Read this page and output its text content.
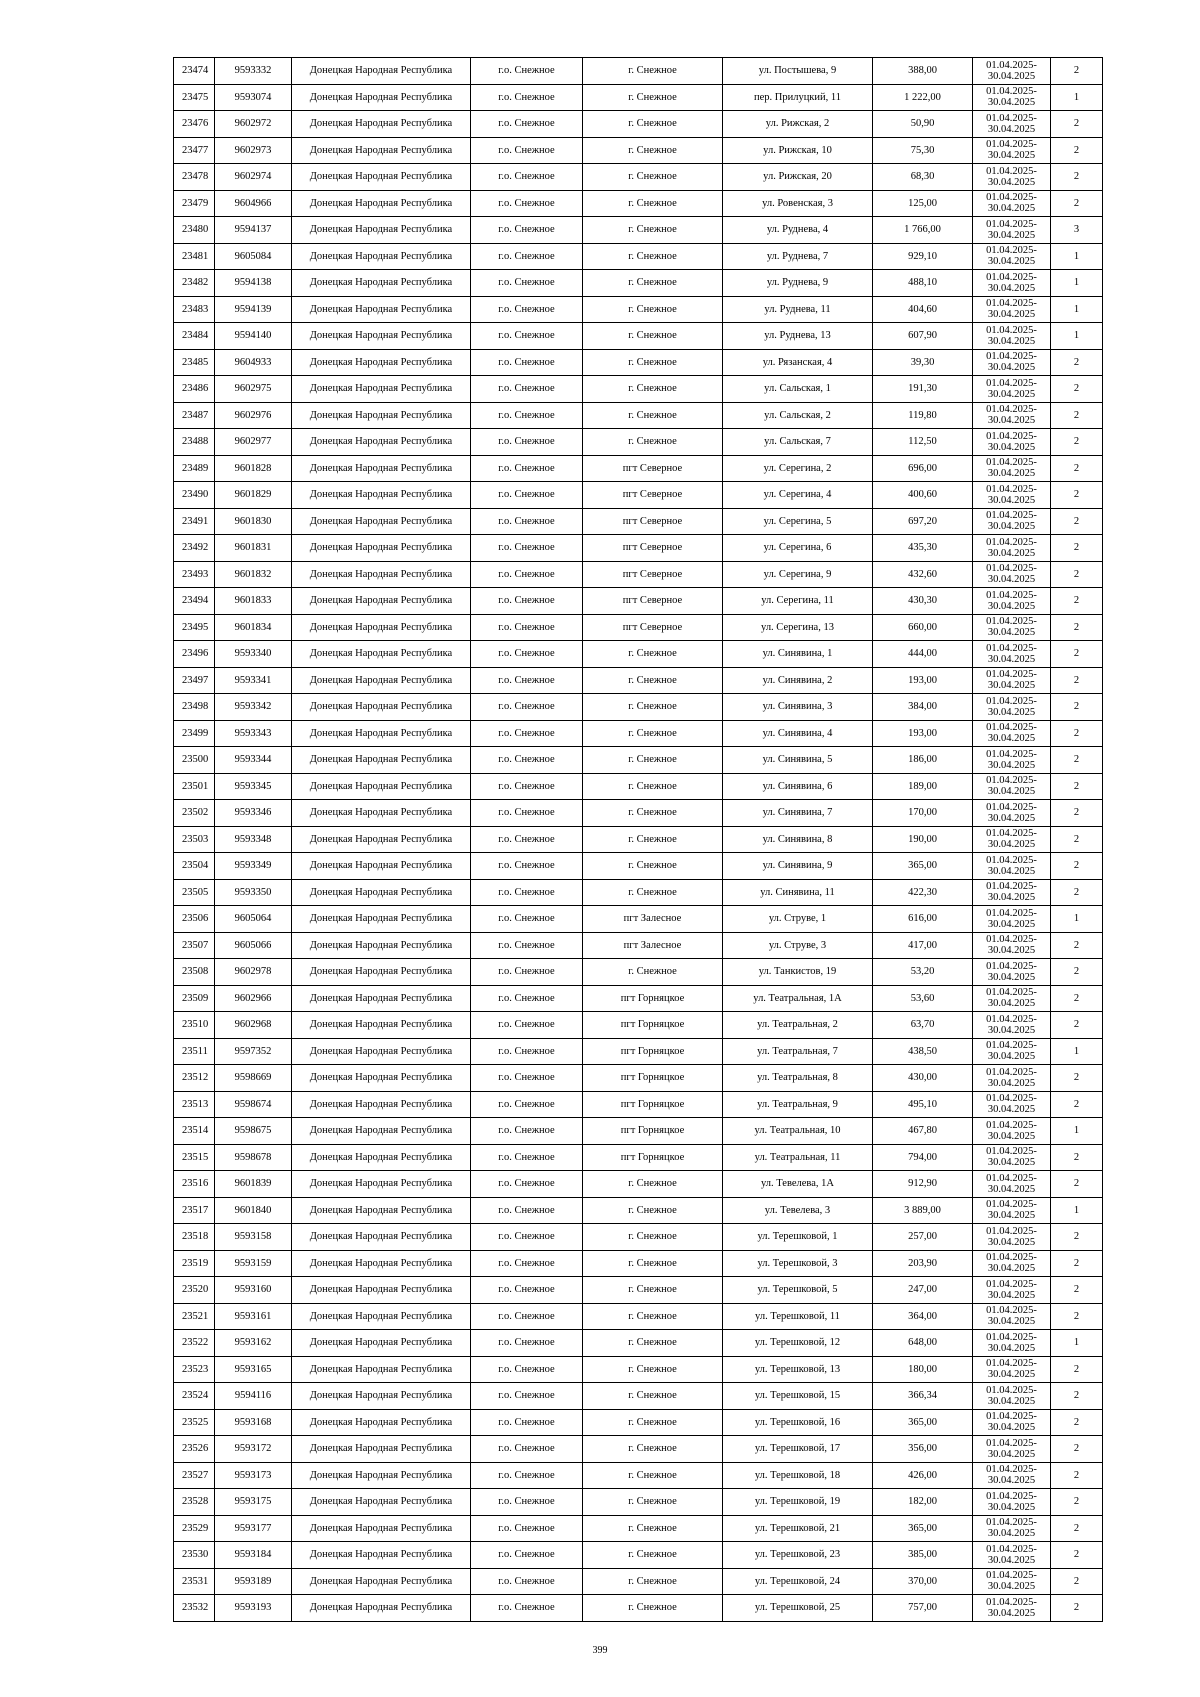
23474	9593332	Донецкая Народная Республика	г.о. Снежное	г. Снежное	ул. Постышева, 9	388,00	01.04.2025-30.04.2025	2
23475	9593074	Донецкая Народная Республика	г.о. Снежное	г. Снежное	пер. Прилуцкий, 11	1 222,00	01.04.2025-30.04.2025	1
23476	9602972	Донецкая Народная Республика	г.о. Снежное	г. Снежное	ул. Рижская, 2	50,90	01.04.2025-30.04.2025	2
23477	9602973	Донецкая Народная Республика	г.о. Снежное	г. Снежное	ул. Рижская, 10	75,30	01.04.2025-30.04.2025	2
23478	9602974	Донецкая Народная Республика	г.о. Снежное	г. Снежное	ул. Рижская, 20	68,30	01.04.2025-30.04.2025	2
23479	9604966	Донецкая Народная Республика	г.о. Снежное	г. Снежное	ул. Ровенская, 3	125,00	01.04.2025-30.04.2025	2
23480	9594137	Донецкая Народная Республика	г.о. Снежное	г. Снежное	ул. Руднева, 4	1 766,00	01.04.2025-30.04.2025	3
23481	9605084	Донецкая Народная Республика	г.о. Снежное	г. Снежное	ул. Руднева, 7	929,10	01.04.2025-30.04.2025	1
23482	9594138	Донецкая Народная Республика	г.о. Снежное	г. Снежное	ул. Руднева, 9	488,10	01.04.2025-30.04.2025	1
23483	9594139	Донецкая Народная Республика	г.о. Снежное	г. Снежное	ул. Руднева, 11	404,60	01.04.2025-30.04.2025	1
23484	9594140	Донецкая Народная Республика	г.о. Снежное	г. Снежное	ул. Руднева, 13	607,90	01.04.2025-30.04.2025	1
23485	9604933	Донецкая Народная Республика	г.о. Снежное	г. Снежное	ул. Рязанская, 4	39,30	01.04.2025-30.04.2025	2
23486	9602975	Донецкая Народная Республика	г.о. Снежное	г. Снежное	ул. Сальская, 1	191,30	01.04.2025-30.04.2025	2
23487	9602976	Донецкая Народная Республика	г.о. Снежное	г. Снежное	ул. Сальская, 2	119,80	01.04.2025-30.04.2025	2
23488	9602977	Донецкая Народная Республика	г.о. Снежное	г. Снежное	ул. Сальская, 7	112,50	01.04.2025-30.04.2025	2
23489	9601828	Донецкая Народная Республика	г.о. Снежное	пгт Северное	ул. Серегина, 2	696,00	01.04.2025-30.04.2025	2
23490	9601829	Донецкая Народная Республика	г.о. Снежное	пгт Северное	ул. Серегина, 4	400,60	01.04.2025-30.04.2025	2
23491	9601830	Донецкая Народная Республика	г.о. Снежное	пгт Северное	ул. Серегина, 5	697,20	01.04.2025-30.04.2025	2
23492	9601831	Донецкая Народная Республика	г.о. Снежное	пгт Северное	ул. Серегина, 6	435,30	01.04.2025-30.04.2025	2
23493	9601832	Донецкая Народная Республика	г.о. Снежное	пгт Северное	ул. Серегина, 9	432,60	01.04.2025-30.04.2025	2
23494	9601833	Донецкая Народная Республика	г.о. Снежное	пгт Северное	ул. Серегина, 11	430,30	01.04.2025-30.04.2025	2
23495	9601834	Донецкая Народная Республика	г.о. Снежное	пгт Северное	ул. Серегина, 13	660,00	01.04.2025-30.04.2025	2
23496	9593340	Донецкая Народная Республика	г.о. Снежное	г. Снежное	ул. Синявина, 1	444,00	01.04.2025-30.04.2025	2
23497	9593341	Донецкая Народная Республика	г.о. Снежное	г. Снежное	ул. Синявина, 2	193,00	01.04.2025-30.04.2025	2
23498	9593342	Донецкая Народная Республика	г.о. Снежное	г. Снежное	ул. Синявина, 3	384,00	01.04.2025-30.04.2025	2
23499	9593343	Донецкая Народная Республика	г.о. Снежное	г. Снежное	ул. Синявина, 4	193,00	01.04.2025-30.04.2025	2
23500	9593344	Донецкая Народная Республика	г.о. Снежное	г. Снежное	ул. Синявина, 5	186,00	01.04.2025-30.04.2025	2
23501	9593345	Донецкая Народная Республика	г.о. Снежное	г. Снежное	ул. Синявина, 6	189,00	01.04.2025-30.04.2025	2
23502	9593346	Донецкая Народная Республика	г.о. Снежное	г. Снежное	ул. Синявина, 7	170,00	01.04.2025-30.04.2025	2
23503	9593348	Донецкая Народная Республика	г.о. Снежное	г. Снежное	ул. Синявина, 8	190,00	01.04.2025-30.04.2025	2
23504	9593349	Донецкая Народная Республика	г.о. Снежное	г. Снежное	ул. Синявина, 9	365,00	01.04.2025-30.04.2025	2
23505	9593350	Донецкая Народная Республика	г.о. Снежное	г. Снежное	ул. Синявина, 11	422,30	01.04.2025-30.04.2025	2
23506	9605064	Донецкая Народная Республика	г.о. Снежное	пгт Залесное	ул. Струве, 1	616,00	01.04.2025-30.04.2025	1
23507	9605066	Донецкая Народная Республика	г.о. Снежное	пгт Залесное	ул. Струве, 3	417,00	01.04.2025-30.04.2025	2
23508	9602978	Донецкая Народная Республика	г.о. Снежное	г. Снежное	ул. Танкистов, 19	53,20	01.04.2025-30.04.2025	2
23509	9602966	Донецкая Народная Республика	г.о. Снежное	пгт Горняцкое	ул. Театральная, 1А	53,60	01.04.2025-30.04.2025	2
23510	9602968	Донецкая Народная Республика	г.о. Снежное	пгт Горняцкое	ул. Театральная, 2	63,70	01.04.2025-30.04.2025	2
23511	9597352	Донецкая Народная Республика	г.о. Снежное	пгт Горняцкое	ул. Театральная, 7	438,50	01.04.2025-30.04.2025	1
23512	9598669	Донецкая Народная Республика	г.о. Снежное	пгт Горняцкое	ул. Театральная, 8	430,00	01.04.2025-30.04.2025	2
23513	9598674	Донецкая Народная Республика	г.о. Снежное	пгт Горняцкое	ул. Театральная, 9	495,10	01.04.2025-30.04.2025	2
23514	9598675	Донецкая Народная Республика	г.о. Снежное	пгт Горняцкое	ул. Театральная, 10	467,80	01.04.2025-30.04.2025	1
23515	9598678	Донецкая Народная Республика	г.о. Снежное	пгт Горняцкое	ул. Театральная, 11	794,00	01.04.2025-30.04.2025	2
23516	9601839	Донецкая Народная Республика	г.о. Снежное	г. Снежное	ул. Тевелева, 1А	912,90	01.04.2025-30.04.2025	2
23517	9601840	Донецкая Народная Республика	г.о. Снежное	г. Снежное	ул. Тевелева, 3	3 889,00	01.04.2025-30.04.2025	1
23518	9593158	Донецкая Народная Республика	г.о. Снежное	г. Снежное	ул. Терешковой, 1	257,00	01.04.2025-30.04.2025	2
23519	9593159	Донецкая Народная Республика	г.о. Снежное	г. Снежное	ул. Терешковой, 3	203,90	01.04.2025-30.04.2025	2
23520	9593160	Донецкая Народная Республика	г.о. Снежное	г. Снежное	ул. Терешковой, 5	247,00	01.04.2025-30.04.2025	2
23521	9593161	Донецкая Народная Республика	г.о. Снежное	г. Снежное	ул. Терешковой, 11	364,00	01.04.2025-30.04.2025	2
23522	9593162	Донецкая Народная Республика	г.о. Снежное	г. Снежное	ул. Терешковой, 12	648,00	01.04.2025-30.04.2025	1
23523	9593165	Донецкая Народная Республика	г.о. Снежное	г. Снежное	ул. Терешковой, 13	180,00	01.04.2025-30.04.2025	2
23524	9594116	Донецкая Народная Республика	г.о. Снежное	г. Снежное	ул. Терешковой, 15	366,34	01.04.2025-30.04.2025	2
23525	9593168	Донецкая Народная Республика	г.о. Снежное	г. Снежное	ул. Терешковой, 16	365,00	01.04.2025-30.04.2025	2
23526	9593172	Донецкая Народная Республика	г.о. Снежное	г. Снежное	ул. Терешковой, 17	356,00	01.04.2025-30.04.2025	2
23527	9593173	Донецкая Народная Республика	г.о. Снежное	г. Снежное	ул. Терешковой, 18	426,00	01.04.2025-30.04.2025	2
23528	9593175	Донецкая Народная Республика	г.о. Снежное	г. Снежное	ул. Терешковой, 19	182,00	01.04.2025-30.04.2025	2
23529	9593177	Донецкая Народная Республика	г.о. Снежное	г. Снежное	ул. Терешковой, 21	365,00	01.04.2025-30.04.2025	2
23530	9593184	Донецкая Народная Республика	г.о. Снежное	г. Снежное	ул. Терешковой, 23	385,00	01.04.2025-30.04.2025	2
23531	9593189	Донецкая Народная Республика	г.о. Снежное	г. Снежное	ул. Терешковой, 24	370,00	01.04.2025-30.04.2025	2
23532	9593193	Донецкая Народная Республика	г.о. Снежное	г. Снежное	ул. Терешковой, 25	757,00	01.04.2025-30.04.2025	2
399
